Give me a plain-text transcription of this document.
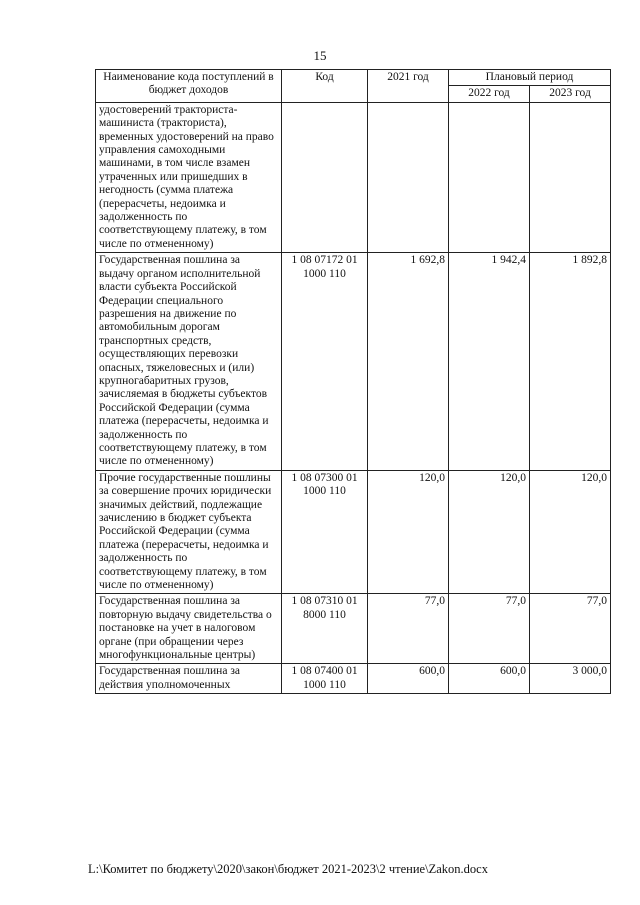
15
Наименование кода поступлений в бюджет доходов	Код	2021 год	Плановый период	
			2022 год	2023 год
удостоверений тракториста-машиниста (тракториста), временных удостоверений на право управления самоходными машинами, в том числе взамен утраченных или пришедших в негодность (сумма платежа (перерасчеты, недоимка и задолженность по соответствующему платежу, в том числе по отмененному)				
Государственная пошлина за выдачу органом исполнительной власти субъекта Российской Федерации специального разрешения на движение по автомобильным дорогам транспортных средств, осуществляющих перевозки опасных, тяжеловесных и (или) крупногабаритных грузов, зачисляемая в бюджеты субъектов Российской Федерации (сумма платежа (перерасчеты, недоимка и задолженность по соответствующему платежу, в том числе по отмененному)	1 08 07172 01 1000 110	1 692,8	1 942,4	1 892,8
Прочие государственные пошлины за совершение прочих юридически значимых действий, подлежащие зачислению в бюджет субъекта Российской Федерации (сумма платежа (перерасчеты, недоимка и задолженность по соответствующему платежу, в том числе по отмененному)	1 08 07300 01 1000 110	120,0	120,0	120,0
Государственная пошлина за повторную выдачу свидетельства о постановке на учет в налоговом органе (при обращении через многофункциональные центры)	1 08 07310 01 8000 110	77,0	77,0	77,0
Государственная пошлина за действия уполномоченных	1 08 07400 01 1000 110	600,0	600,0	3 000,0
L:\Комитет по бюджету\2020\закон\бюджет 2021-2023\2 чтение\Zakon.docx
